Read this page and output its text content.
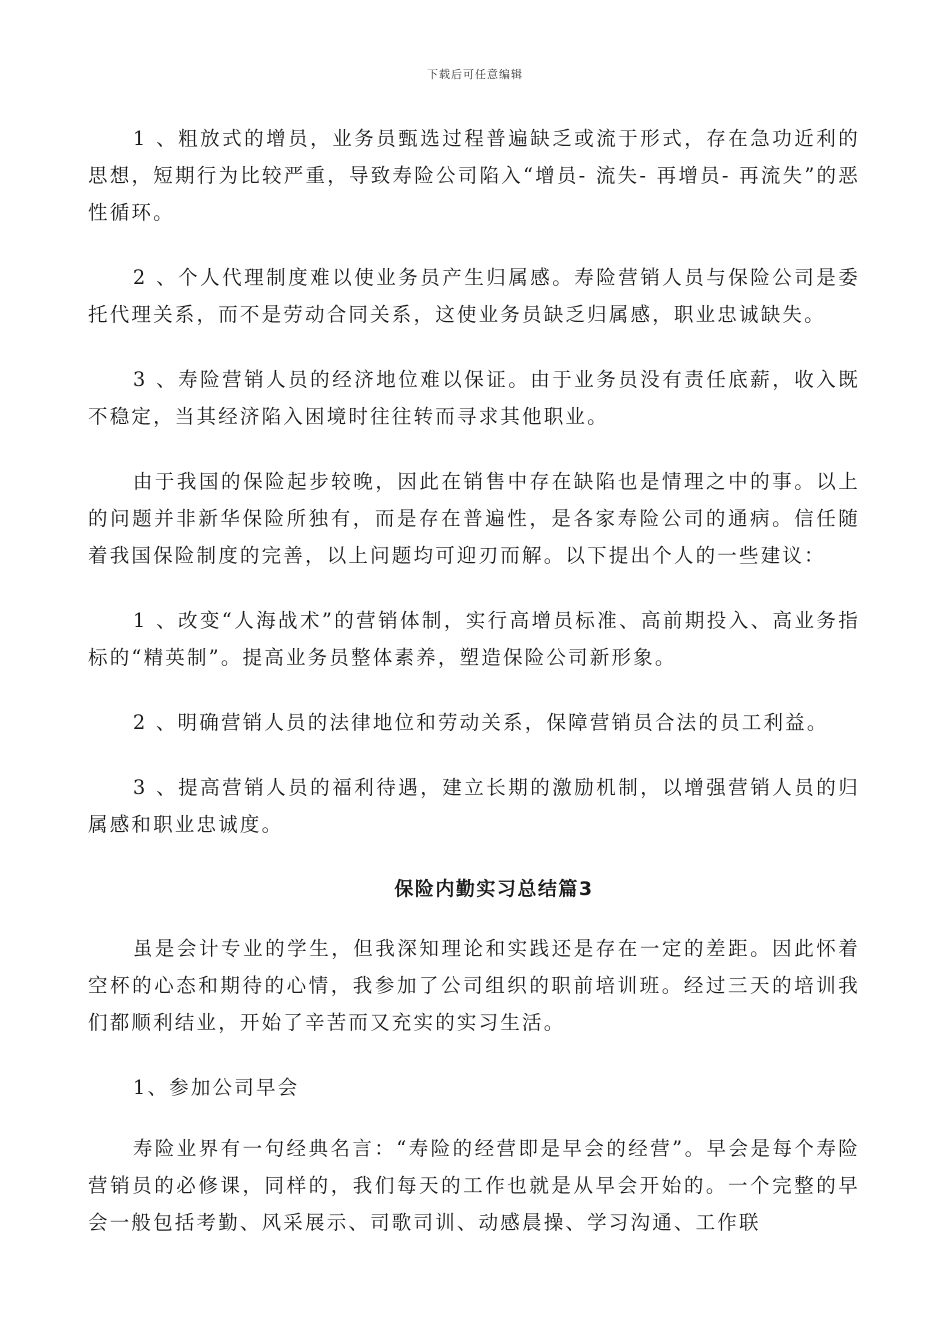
下载后可任意编辑

1 、粗放式的增员，业务员甄选过程普遍缺乏或流于形式，存在急功近利的思想，短期行为比较严重，导致寿险公司陷入“增员- 流失- 再增员- 再流失”的恶性循环。

2 、个人代理制度难以使业务员产生归属感。寿险营销人员与保险公司是委托代理关系，而不是劳动合同关系，这使业务员缺乏归属感，职业忠诚缺失。

3 、寿险营销人员的经济地位难以保证。由于业务员没有责任底薪，收入既不稳定，当其经济陷入困境时往往转而寻求其他职业。

由于我国的保险起步较晚，因此在销售中存在缺陷也是情理之中的事。以上的问题并非新华保险所独有，而是存在普遍性，是各家寿险公司的通病。信任随着我国保险制度的完善，以上问题均可迎刃而解。以下提出个人的一些建议：

1 、改变“人海战术”的营销体制，实行高增员标准、高前期投入、高业务指标的“精英制”。提高业务员整体素养，塑造保险公司新形象。

2 、明确营销人员的法律地位和劳动关系，保障营销员合法的员工利益。

3 、提高营销人员的福利待遇，建立长期的激励机制，以增强营销人员的归属感和职业忠诚度。

保险内勤实习总结篇3

虽是会计专业的学生，但我深知理论和实践还是存在一定的差距。因此怀着空杯的心态和期待的心情，我参加了公司组织的职前培训班。经过三天的培训我们都顺利结业，开始了辛苦而又充实的实习生活。

1、参加公司早会

寿险业界有一句经典名言：“寿险的经营即是早会的经营”。早会是每个寿险营销员的必修课，同样的，我们每天的工作也就是从早会开始的。一个完整的早会一般包括考勤、风采展示、司歌司训、动感晨操、学习沟通、工作联
